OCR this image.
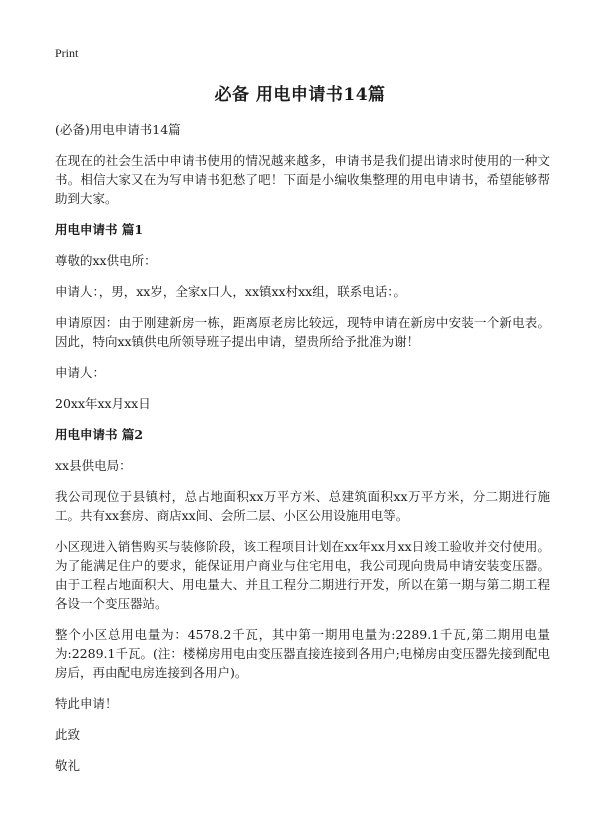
Print
必备 用电申请书14篇

(必备)用电申请书14篇

在现在的社会生活中申请书使用的情况越来越多，申请书是我们提出请求时使用的一种文书。相信大家又在为写申请书犯愁了吧！下面是小编收集整理的用电申请书，希望能够帮助到大家。

用电申请书 篇1

尊敬的xx供电所：

申请人：，男，xx岁，全家x口人，xx镇xx村xx组，联系电话：。

申请原因：由于刚建新房一栋，距离原老房比较远，现特申请在新房中安装一个新电表。因此，特向xx镇供电所领导班子提出申请，望贵所给予批准为谢！

申请人：

20xx年xx月xx日

用电申请书 篇2

xx县供电局：

我公司现位于县镇村，总占地面积xx万平方米、总建筑面积xx万平方米，分二期进行施工。共有xx套房、商店xx间、会所二层、小区公用设施用电等。

小区现进入销售购买与装修阶段，该工程项目计划在xx年xx月xx日竣工验收并交付使用。为了能满足住户的要求，能保证用户商业与住宅用电，我公司现向贵局申请安装变压器。由于工程占地面积大、用电量大、并且工程分二期进行开发，所以在第一期与第二期工程各设一个变压器站。

整个小区总用电量为：4578.2千瓦，其中第一期用电量为:2289.1千瓦,第二期用电量为:2289.1千瓦。(注：楼梯房用电由变压器直接连接到各用户;电梯房由变压器先接到配电房后，再由配电房连接到各用户)。

特此申请！

此致

敬礼
